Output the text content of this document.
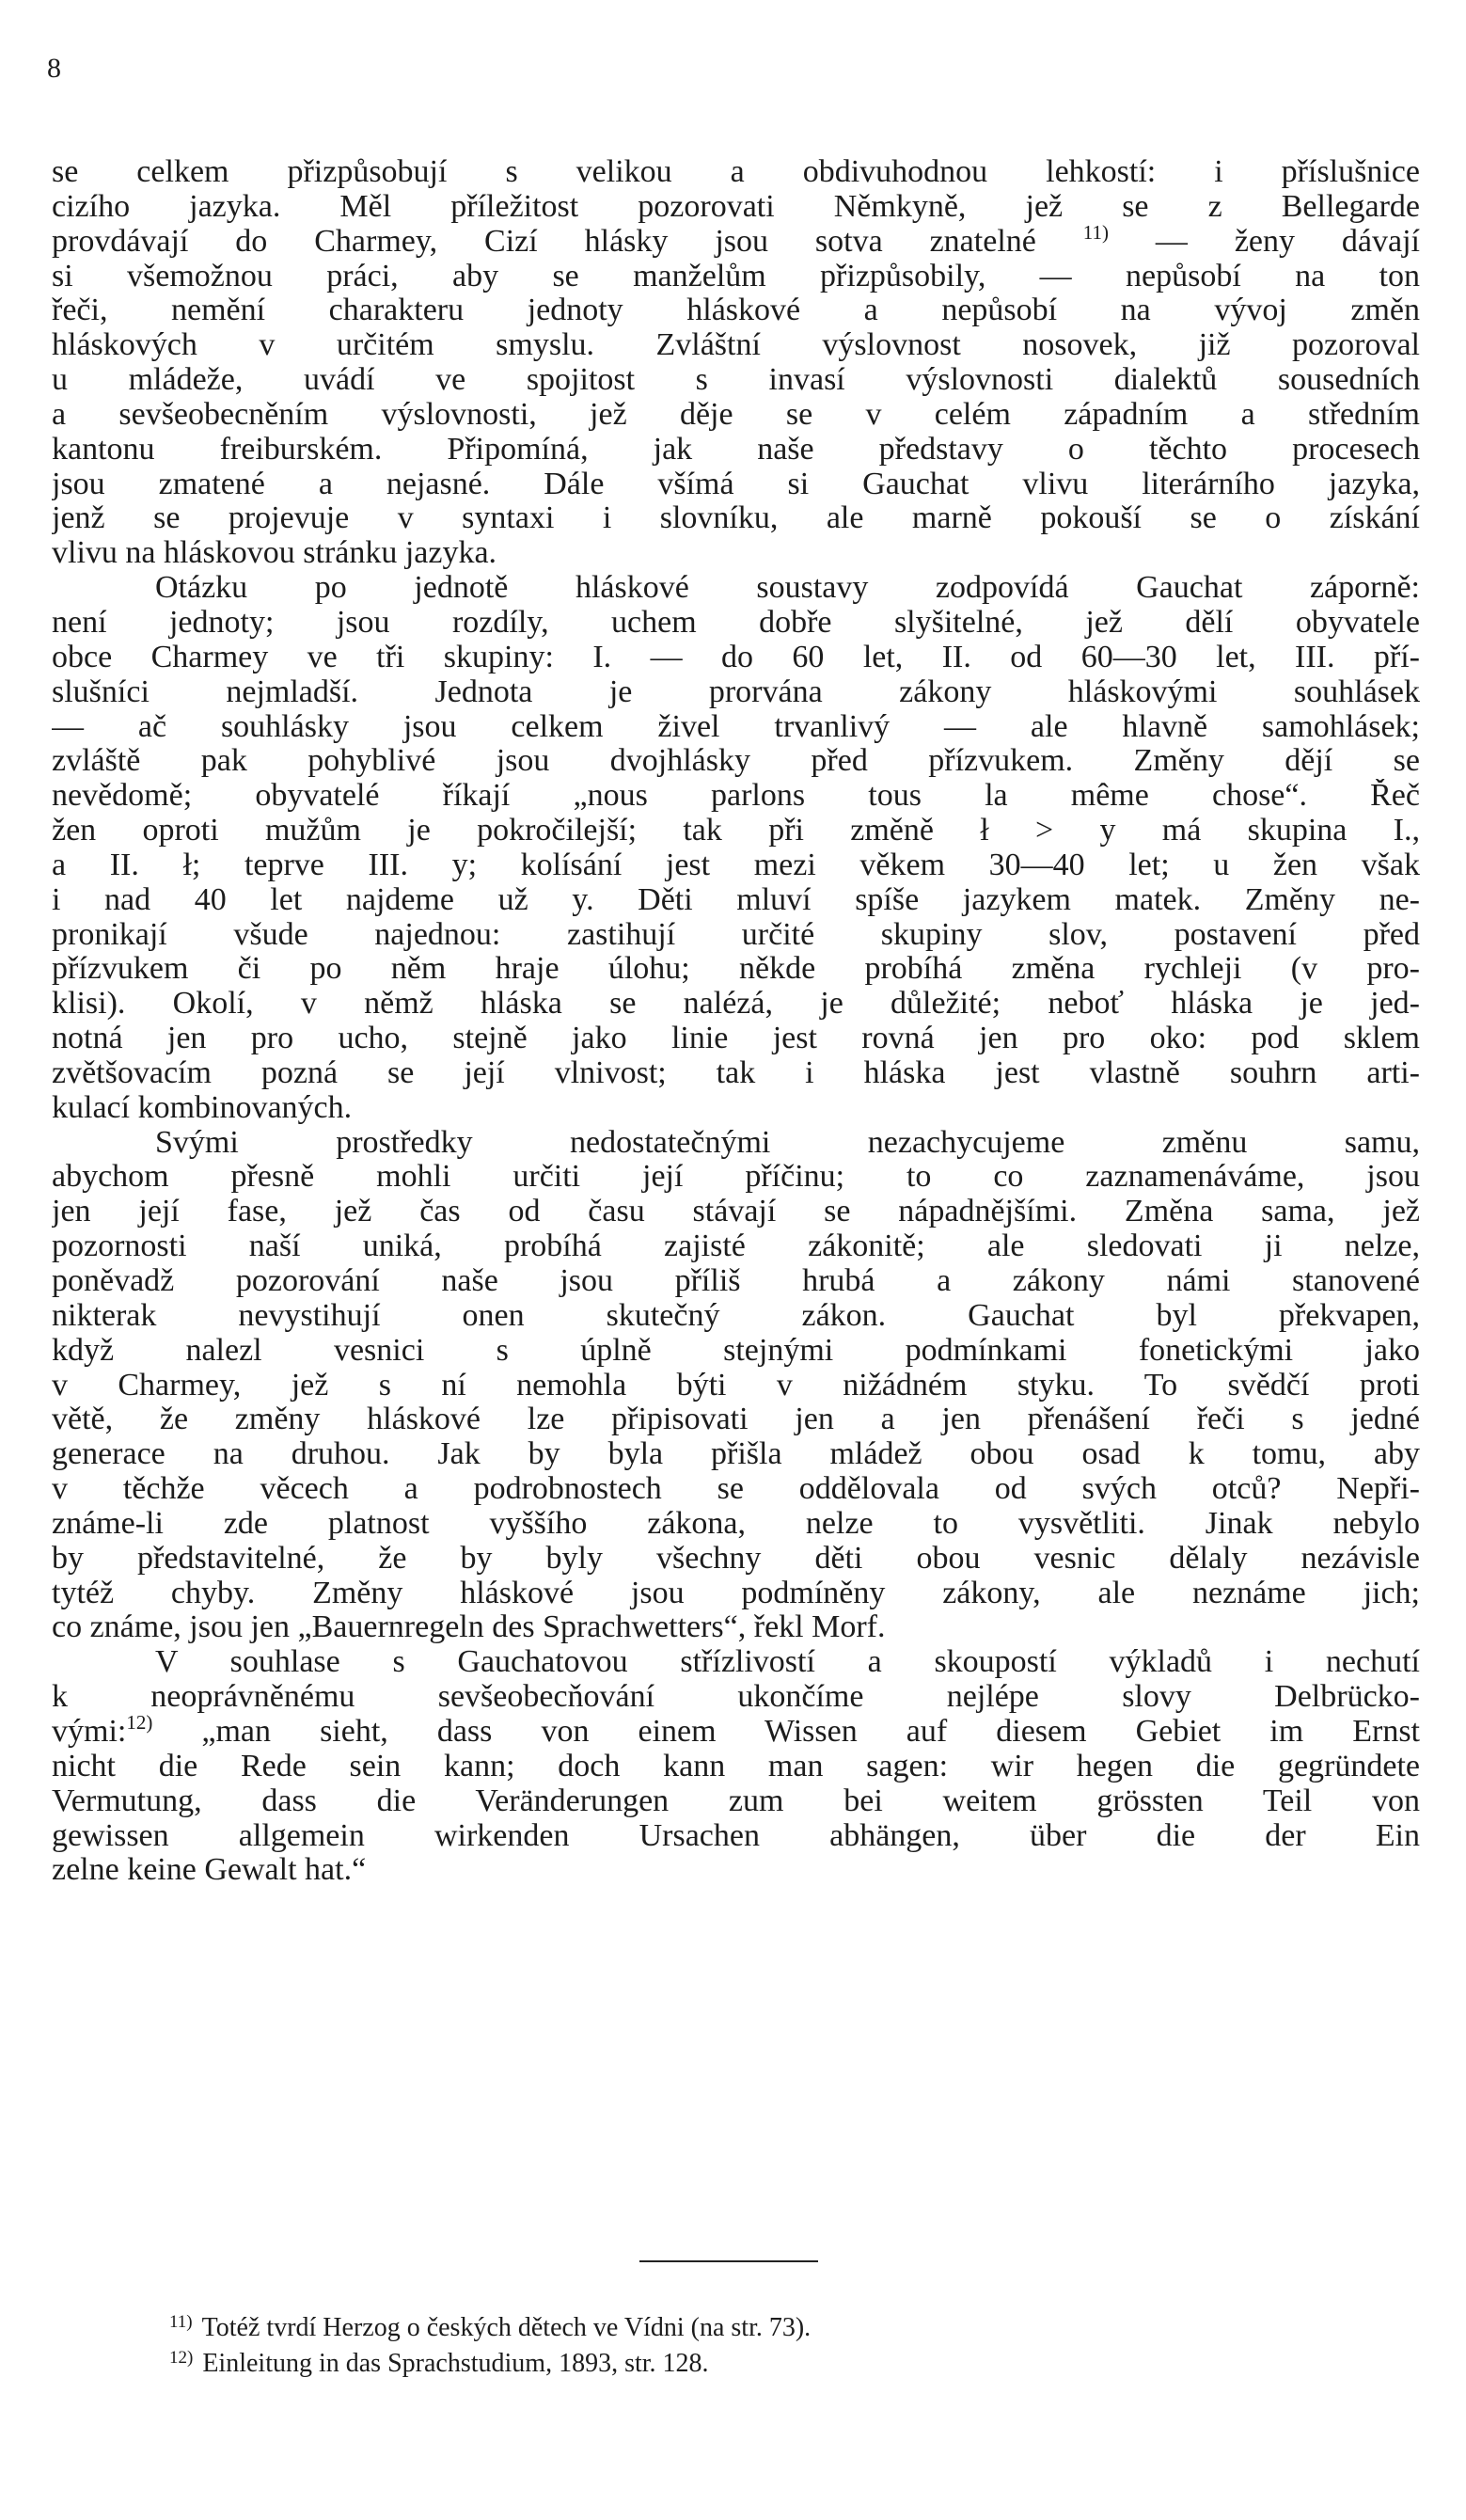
8
se celkem přizpůsobují s velikou a obdivuhodnou lehkostí: i příslušnice
cizího jazyka. Měl příležitost pozorovati Němkyně, jež se z Bellegarde
provdávají do Charmey, Cizí hlásky jsou sotva znatelné $^{11)}$ — ženy dávají
si všemožnou práci, aby se manželům přizpůsobily, — nepůsobí na ton
řeči, nemění charakteru jednoty hláskové a nepůsobí na vývoj změn
hláskových v určitém smyslu. Zvláštní výslovnost nosovek, již pozoroval
u mládeže, uvádí ve spojitost s invasí výslovnosti dialektů sousedních
a sevšeobecněním výslovnosti, jež děje se v celém západním a středním
kantonu freiburském. Připomíná, jak naše představy o těchto procesech
jsou zmatené a nejasné. Dále všímá si Gauchat vlivu literárního jazyka,
jenž se projevuje v syntaxi i slovníku, ale marně pokouší se o získání
vlivu na hláskovou stránku jazyka.
Otázku po jednotě hláskové soustavy zodpovídá Gauchat záporně:
není jednoty; jsou rozdíly, uchem dobře slyšitelné, jež dělí obyvatele
obce Charmey ve tři skupiny: I. — do 60 let, II. od 60—30 let, III. pří-
slušníci nejmladší. Jednota je prorvána zákony hláskovými souhlásek
— ač souhlásky jsou celkem živel trvanlivý — ale hlavně samohlásek;
zvláště pak pohyblivé jsou dvojhlásky před přízvukem. Změny dějí se
nevědomě; obyvatelé říkají „nous parlons tous la même chose“. Řeč
žen oproti mužům je pokročilejší; tak při změně ł > y má skupina I.,
a II. ł; teprve III. y; kolísání jest mezi věkem 30—40 let; u žen však
i nad 40 let najdeme už y. Děti mluví spíše jazykem matek. Změny ne-
pronikají všude najednou: zastihují určité skupiny slov, postavení před
přízvukem či po něm hraje úlohu; někde probíhá změna rychleji (v pro-
klisi). Okolí, v němž hláska se nalézá, je důležité; neboť hláska je jed-
notná jen pro ucho, stejně jako linie jest rovná jen pro oko: pod sklem
zvětšovacím pozná se její vlnivost; tak i hláska jest vlastně souhrn arti-
kulací kombinovaných.
Svými prostředky nedostatečnými nezachycujeme změnu samu,
abychom přesně mohli určiti její příčinu; to co zaznamenáváme, jsou
jen její fase, jež čas od času stávají se nápadnějšími. Změna sama, jež
pozornosti naší uniká, probíhá zajisté zákonitě; ale sledovati ji nelze,
poněvadž pozorování naše jsou příliš hrubá a zákony námi stanovené
nikterak nevystihují onen skutečný zákon. Gauchat byl překvapen,
když nalezl vesnici s úplně stejnými podmínkami fonetickými jako
v Charmey, jež s ní nemohla býti v nižádném styku. To svědčí proti
větě, že změny hláskové lze připisovati jen a jen přenášení řeči s jedné
generace na druhou. Jak by byla přišla mládež obou osad k tomu, aby
v těchže věcech a podrobnostech se oddělovala od svých otců? Nepři-
známe-li zde platnost vyššího zákona, nelze to vysvětliti. Jinak nebylo
by představitelné, že by byly všechny děti obou vesnic dělaly nezávisle
tytéž chyby. Změny hláskové jsou podmíněny zákony, ale neznáme jich;
co známe, jsou jen „Bauernregeln des Sprachwetters“, řekl Morf.
V souhlase s Gauchatovou střízlivostí a skoupostí výkladů i nechutí
k neoprávněnému sevšeobecňování ukončíme nejlépe slovy Delbrücko-
vými:$^{12)}$ „man sieht, dass von einem Wissen auf diesem Gebiet im Ernst
nicht die Rede sein kann; doch kann man sagen: wir hegen die gegründete
Vermutung, dass die Veränderungen zum bei weitem grössten Teil von
gewissen allgemein wirkenden Ursachen abhängen, über die der Ein
zelne keine Gewalt hat.“
$^{11)}$ Totéž tvrdí Herzog o českých dětech ve Vídni (na str. 73).
$^{12)}$ Einleitung in das Sprachstudium, 1893, str. 128.
